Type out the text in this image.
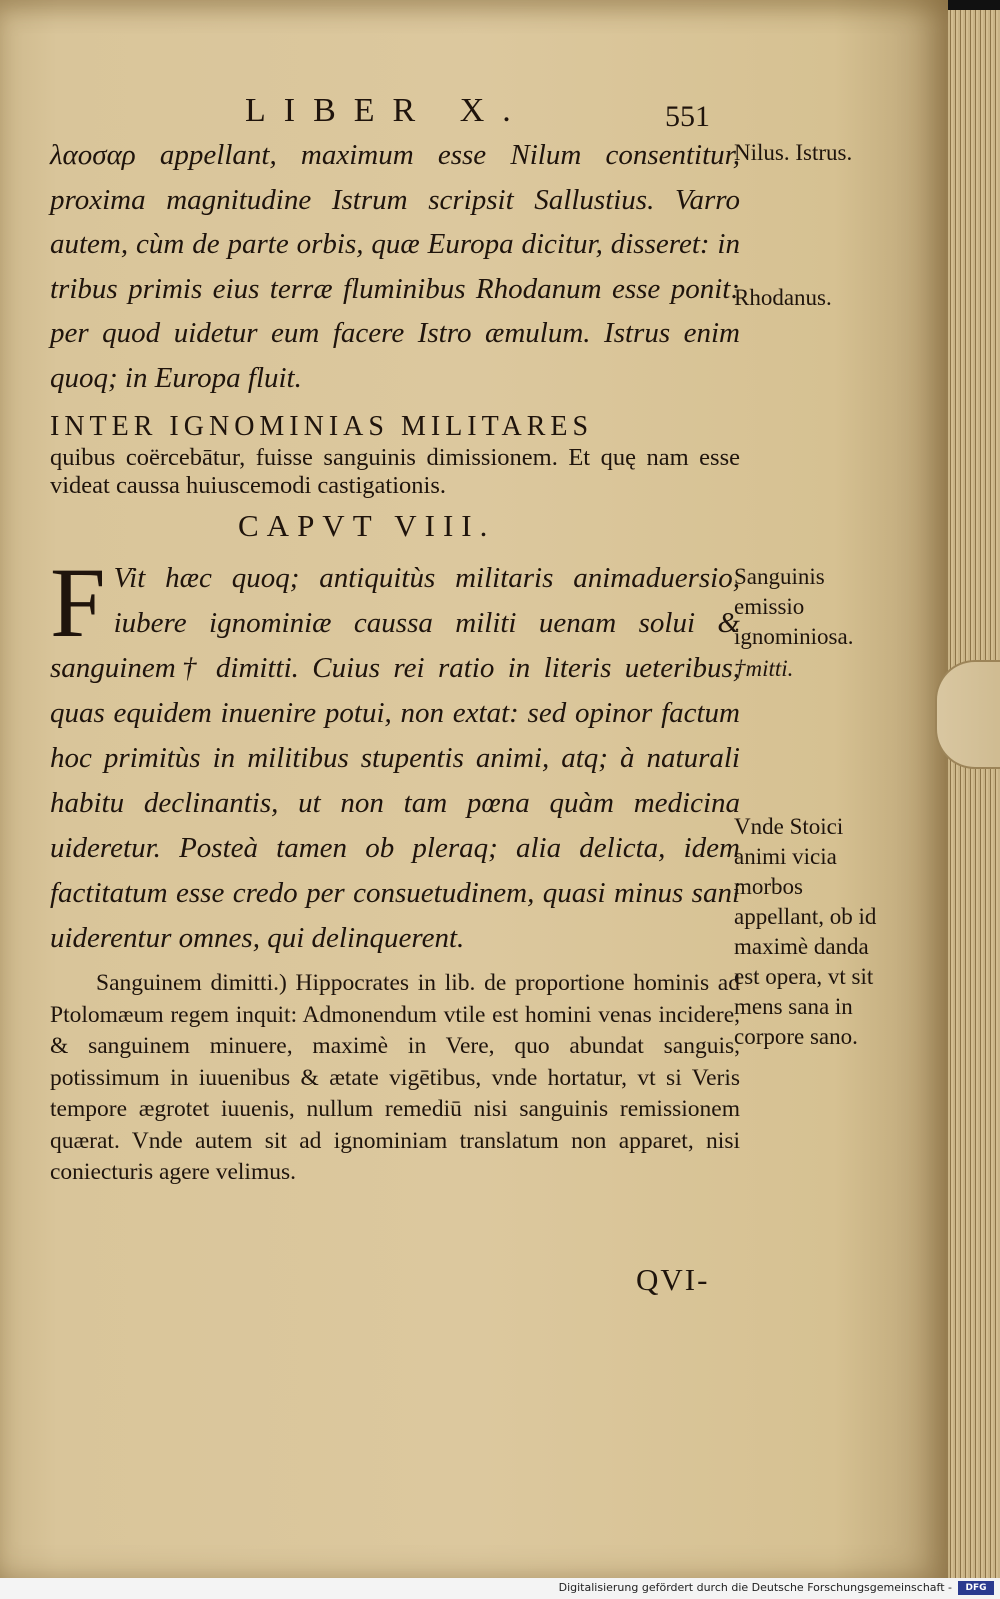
LIBER X.	551

λαοσαρ appellant, maximum esse Nilum consentitur, proxima magnitudine Istrum scripsit Sallustius. Varro autem, cùm de parte orbis, quæ Europa dicitur, disseret: in tribus primis eius terræ fluminibus Rhodanum esse ponit: per quod uidetur eum facere Istro æmulum. Istrus enim quoq; in Europa fluit.

INTER IGNOMINIAS MILITARES
quibus coërcebātur, fuisse sanguinis dimissionem. Et quę nam esse videat caussa huiuscemodi castigationis.
CAPVT VIII.

F Vit hæc quoq; antiquitùs militaris animaduersio, iubere ignominiæ caussa militi uenam solui & sanguinem† dimitti. Cuius rei ratio in literis ueteribus, quas equidem inuenire potui, non extat: sed opinor factum hoc primitùs in militibus stupentis animi, atq; à naturali habitu declinantis, ut non tam pœna quàm medicina uideretur. Posteà tamen ob pleraq; alia delicta, idem factitatum esse credo per consuetudinem, quasi minus sani uiderentur omnes, qui delinquerent.

Sanguinem dimitti.) Hippocrates in lib. de proportione hominis ad Ptolomæum regem inquit: Admonendum vtile est homini venas incidere, & sanguinem minuere, maximè in Vere, quo abundat sanguis, potissimum in iuuenibus & ætate vigētibus, vnde hortatur, vt si Veris tempore ægrotet iuuenis, nullum remediū nisi sanguinis remissionem quærat. Vnde autem sit ad ignominiam translatum non apparet, nisi coniecturis agere velimus.

QVI-

Nilus. Istrus.

Rhodanus.

Sanguinis emissio ignominiosa.

†mitti.

Vnde Stoici animi vicia morbos appellant, ob id maximè danda est opera, vt sit mens sana in corpore sano.

Digitalisierung gefördert durch die Deutsche Forschungsgemeinschaft -	DFG
